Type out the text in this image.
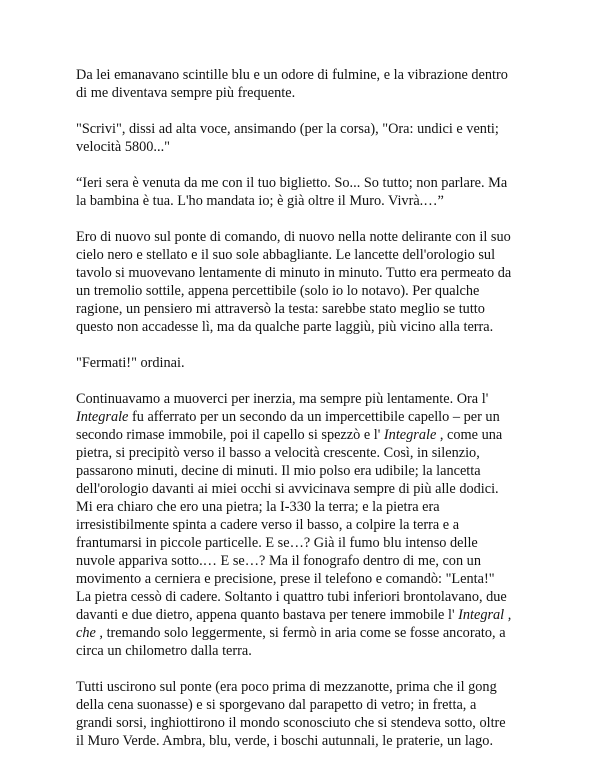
Da lei emanavano scintille blu e un odore di fulmine, e la vibrazione dentro
di me diventava sempre più frequente.

"Scrivi", dissi ad alta voce, ansimando (per la corsa), "Ora: undici e venti;
velocità 5800..."

“Ieri sera è venuta da me con il tuo biglietto. So... So tutto; non parlare. Ma
la bambina è tua. L'ho mandata io; è già oltre il Muro. Vivrà.…”

Ero di nuovo sul ponte di comando, di nuovo nella notte delirante con il suo
cielo nero e stellato e il suo sole abbagliante. Le lancette dell'orologio sul
tavolo si muovevano lentamente di minuto in minuto. Tutto era permeato da
un tremolio sottile, appena percettibile (solo io lo notavo). Per qualche
ragione, un pensiero mi attraversò la testa: sarebbe stato meglio se tutto
questo non accadesse lì, ma da qualche parte laggiù, più vicino alla terra.

"Fermati!" ordinai.

Continuavamo a muoverci per inerzia, ma sempre più lentamente. Ora l'
Integrale fu afferrato per un secondo da un impercettibile capello – per un
secondo rimase immobile, poi il capello si spezzò e l' Integrale , come una
pietra, si precipitò verso il basso a velocità crescente. Così, in silenzio,
passarono minuti, decine di minuti. Il mio polso era udibile; la lancetta
dell'orologio davanti ai miei occhi si avvicinava sempre di più alle dodici.
Mi era chiaro che ero una pietra; la I-330 la terra; e la pietra era
irresistibilmente spinta a cadere verso il basso, a colpire la terra e a
frantumarsi in piccole particelle. E se…? Già il fumo blu intenso delle
nuvole appariva sotto.… E se…? Ma il fonografo dentro di me, con un
movimento a cerniera e precisione, prese il telefono e comandò: "Lenta!"
La pietra cessò di cadere. Soltanto i quattro tubi inferiori brontolavano, due
davanti e due dietro, appena quanto bastava per tenere immobile l' Integral ,
che , tremando solo leggermente, si fermò in aria come se fosse ancorato, a
circa un chilometro dalla terra.

Tutti uscirono sul ponte (era poco prima di mezzanotte, prima che il gong
della cena suonasse) e si sporgevano dal parapetto di vetro; in fretta, a
grandi sorsi, inghiottirono il mondo sconosciuto che si stendeva sotto, oltre
il Muro Verde. Ambra, blu, verde, i boschi autunnali, le praterie, un lago.
